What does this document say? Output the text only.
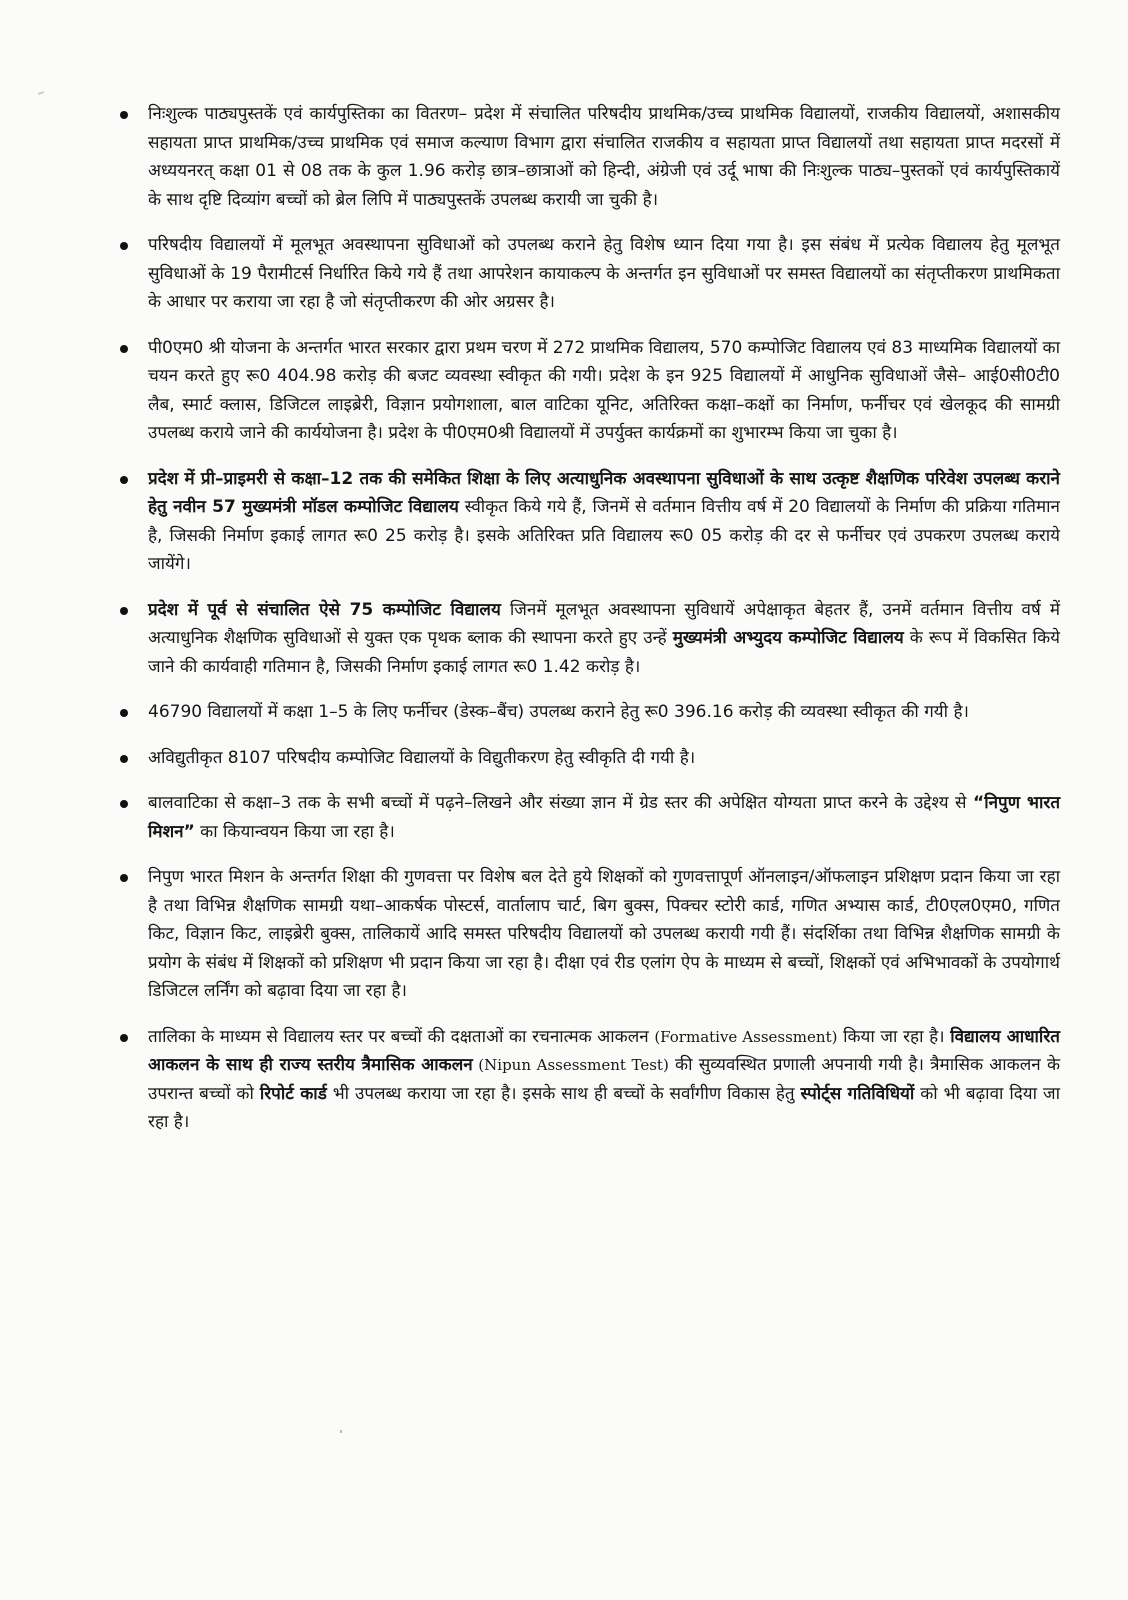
निःशुल्क पाठ्यपुस्तकें एवं कार्यपुस्तिका का वितरण– प्रदेश में संचालित परिषदीय प्राथमिक/उच्च प्राथमिक विद्यालयों, राजकीय विद्यालयों, अशासकीय सहायता प्राप्त प्राथमिक/उच्च प्राथमिक एवं समाज कल्याण विभाग द्वारा संचालित राजकीय व सहायता प्राप्त विद्यालयों तथा सहायता प्राप्त मदरसों में अध्ययनरत् कक्षा 01 से 08 तक के कुल 1.96 करोड़ छात्र–छात्राओं को हिन्दी, अंग्रेजी एवं उर्दू भाषा की निःशुल्क पाठ्य–पुस्तकों एवं कार्यपुस्तिकायें के साथ दृष्टि दिव्यांग बच्चों को ब्रेल लिपि में पाठ्यपुस्तकें उपलब्ध करायी जा चुकी है।
परिषदीय विद्यालयों में मूलभूत अवस्थापना सुविधाओं को उपलब्ध कराने हेतु विशेष ध्यान दिया गया है। इस संबंध में प्रत्येक विद्यालय हेतु मूलभूत सुविधाओं के 19 पैरामीटर्स निर्धारित किये गये हैं तथा आपरेशन कायाकल्प के अन्तर्गत इन सुविधाओं पर समस्त विद्यालयों का संतृप्तीकरण प्राथमिकता के आधार पर कराया जा रहा है जो संतृप्तीकरण की ओर अग्रसर है।
पी0एम0 श्री योजना के अन्तर्गत भारत सरकार द्वारा प्रथम चरण में 272 प्राथमिक विद्यालय, 570 कम्पोजिट विद्यालय एवं 83 माध्यमिक विद्यालयों का चयन करते हुए रू0 404.98 करोड़ की बजट व्यवस्था स्वीकृत की गयी। प्रदेश के इन 925 विद्यालयों में आधुनिक सुविधाओं जैसे– आई0सी0टी0 लैब, स्मार्ट क्लास, डिजिटल लाइब्रेरी, विज्ञान प्रयोगशाला, बाल वाटिका यूनिट, अतिरिक्त कक्षा–कक्षों का निर्माण, फर्नीचर एवं खेलकूद की सामग्री उपलब्ध कराये जाने की कार्ययोजना है। प्रदेश के पी0एम0श्री विद्यालयों में उपर्युक्त कार्यक्रमों का शुभारम्भ किया जा चुका है।
प्रदेश में प्री–प्राइमरी से कक्षा–12 तक की समेकित शिक्षा के लिए अत्याधुनिक अवस्थापना सुविधाओं के साथ उत्कृष्ट शैक्षणिक परिवेश उपलब्ध कराने हेतु नवीन 57 मुख्यमंत्री मॉडल कम्पोजिट विद्यालय स्वीकृत किये गये हैं, जिनमें से वर्तमान वित्तीय वर्ष में 20 विद्यालयों के निर्माण की प्रक्रिया गतिमान है, जिसकी निर्माण इकाई लागत रू0 25 करोड़ है। इसके अतिरिक्त प्रति विद्यालय रू0 05 करोड़ की दर से फर्नीचर एवं उपकरण उपलब्ध कराये जायेंगे।
प्रदेश में पूर्व से संचालित ऐसे 75 कम्पोजिट विद्यालय जिनमें मूलभूत अवस्थापना सुविधायें अपेक्षाकृत बेहतर हैं, उनमें वर्तमान वित्तीय वर्ष में अत्याधुनिक शैक्षणिक सुविधाओं से युक्त एक पृथक ब्लाक की स्थापना करते हुए उन्हें मुख्यमंत्री अभ्युदय कम्पोजिट विद्यालय के रूप में विकसित किये जाने की कार्यवाही गतिमान है, जिसकी निर्माण इकाई लागत रू0 1.42 करोड़ है।
46790 विद्यालयों में कक्षा 1–5 के लिए फर्नीचर (डेस्क–बैंच) उपलब्ध कराने हेतु रू0 396.16 करोड़ की व्यवस्था स्वीकृत की गयी है।
अविद्युतीकृत 8107 परिषदीय कम्पोजिट विद्यालयों के विद्युतीकरण हेतु स्वीकृति दी गयी है।
बालवाटिका से कक्षा–3 तक के सभी बच्चों में पढ़ने–लिखने और संख्या ज्ञान में ग्रेड स्तर की अपेक्षित योग्यता प्राप्त करने के उद्देश्य से “निपुण भारत मिशन” का कियान्वयन किया जा रहा है।
निपुण भारत मिशन के अन्तर्गत शिक्षा की गुणवत्ता पर विशेष बल देते हुये शिक्षकों को गुणवत्तापूर्ण ऑनलाइन/ऑफलाइन प्रशिक्षण प्रदान किया जा रहा है तथा विभिन्न शैक्षणिक सामग्री यथा–आकर्षक पोस्टर्स, वार्तालाप चार्ट, बिग बुक्स, पिक्चर स्टोरी कार्ड, गणित अभ्यास कार्ड, टी0एल0एम0, गणित किट, विज्ञान किट, लाइब्रेरी बुक्स, तालिकायें आदि समस्त परिषदीय विद्यालयों को उपलब्ध करायी गयी हैं। संदर्शिका तथा विभिन्न शैक्षणिक सामग्री के प्रयोग के संबंध में शिक्षकों को प्रशिक्षण भी प्रदान किया जा रहा है। दीक्षा एवं रीड एलांग ऐप के माध्यम से बच्चों, शिक्षकों एवं अभिभावकों के उपयोगार्थ डिजिटल लर्निंग को बढ़ावा दिया जा रहा है।
तालिका के माध्यम से विद्यालय स्तर पर बच्चों की दक्षताओं का रचनात्मक आकलन (Formative Assessment) किया जा रहा है। विद्यालय आधारित आकलन के साथ ही राज्य स्तरीय त्रैमासिक आकलन (Nipun Assessment Test) की सुव्यवस्थित प्रणाली अपनायी गयी है। त्रैमासिक आकलन के उपरान्त बच्चों को रिपोर्ट कार्ड भी उपलब्ध कराया जा रहा है। इसके साथ ही बच्चों के सर्वांगीण विकास हेतु स्पोर्ट्स गतिविधियों को भी बढ़ावा दिया जा रहा है।
